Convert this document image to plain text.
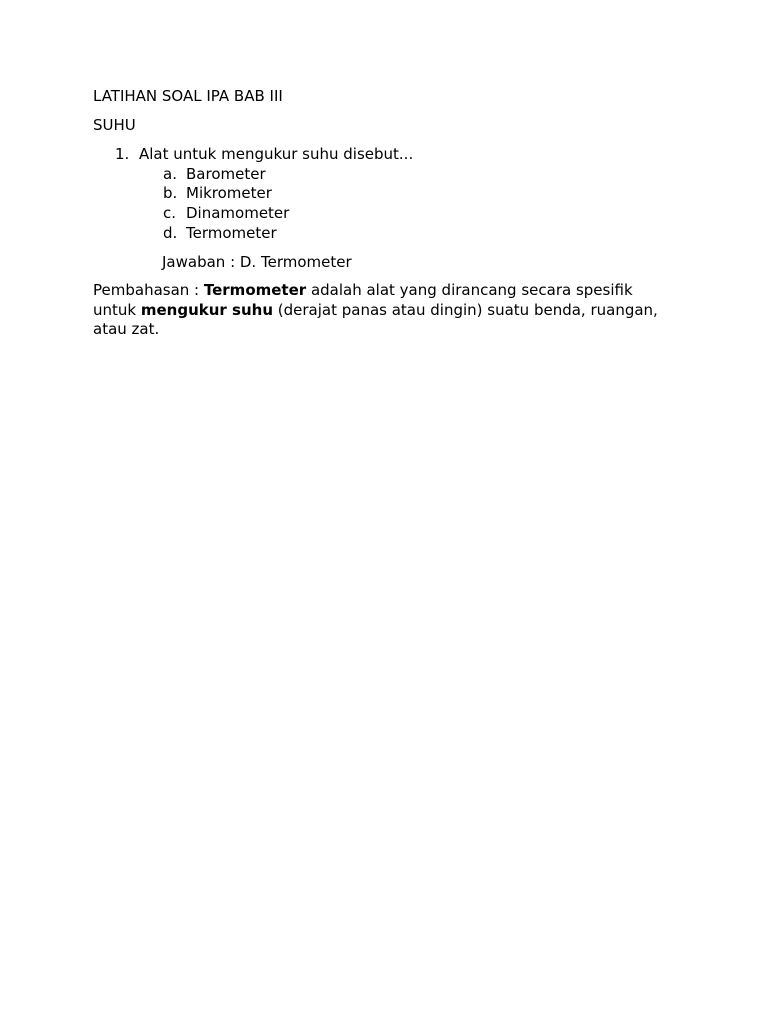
LATIHAN SOAL IPA BAB III
SUHU
1. Alat untuk mengukur suhu disebut...
a. Barometer
b. Mikrometer
c. Dinamometer
d. Termometer
Jawaban : D. Termometer
Pembahasan : Termometer adalah alat yang dirancang secara spesifik untuk mengukur suhu (derajat panas atau dingin) suatu benda, ruangan, atau zat.
